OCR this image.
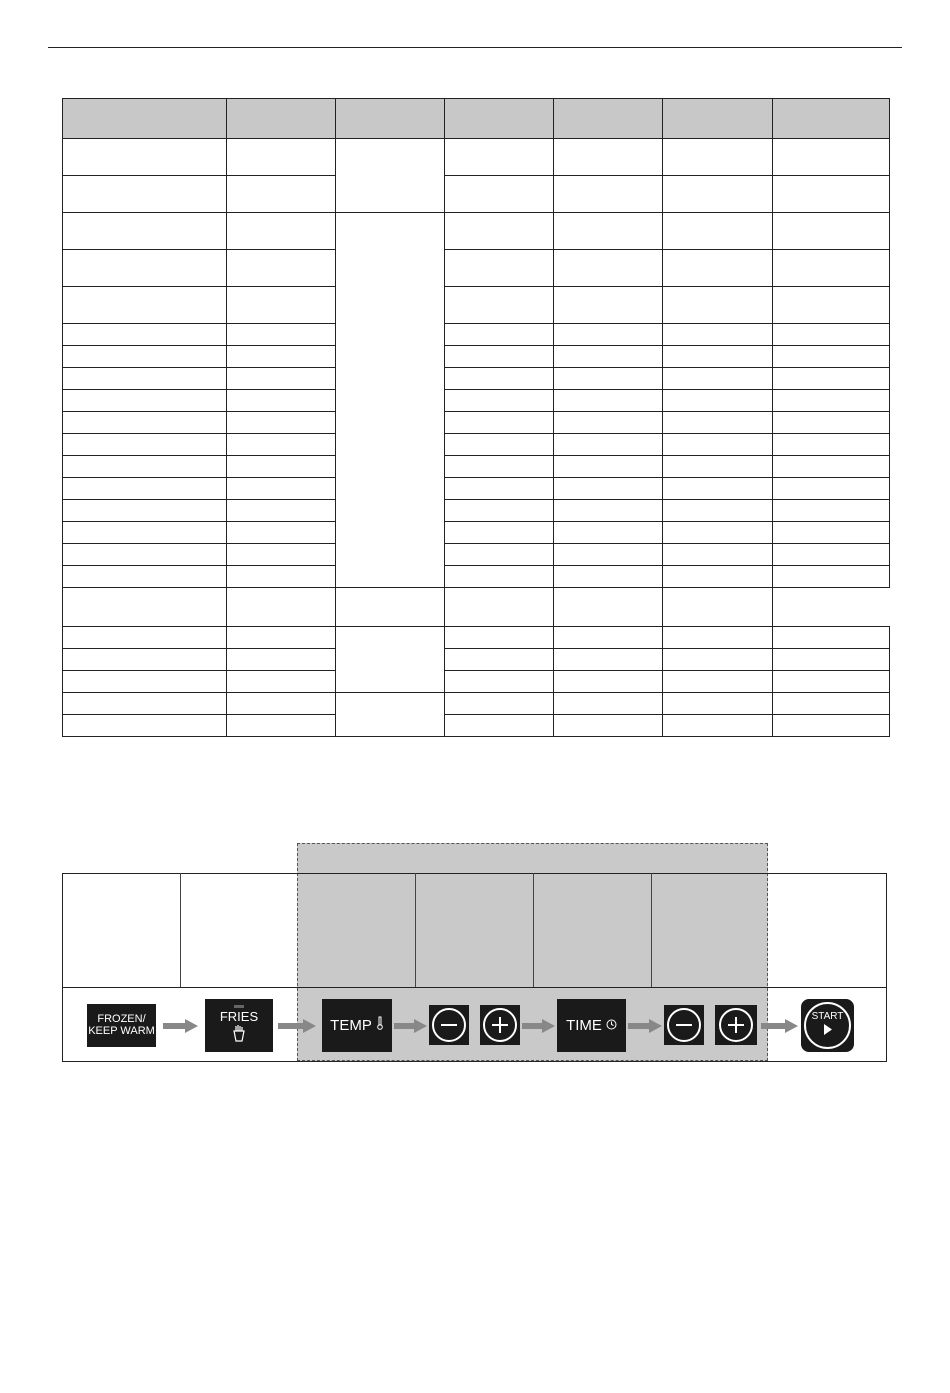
FROZEN/
KEEP WARM
FRIES
TEMP	TIME
START
